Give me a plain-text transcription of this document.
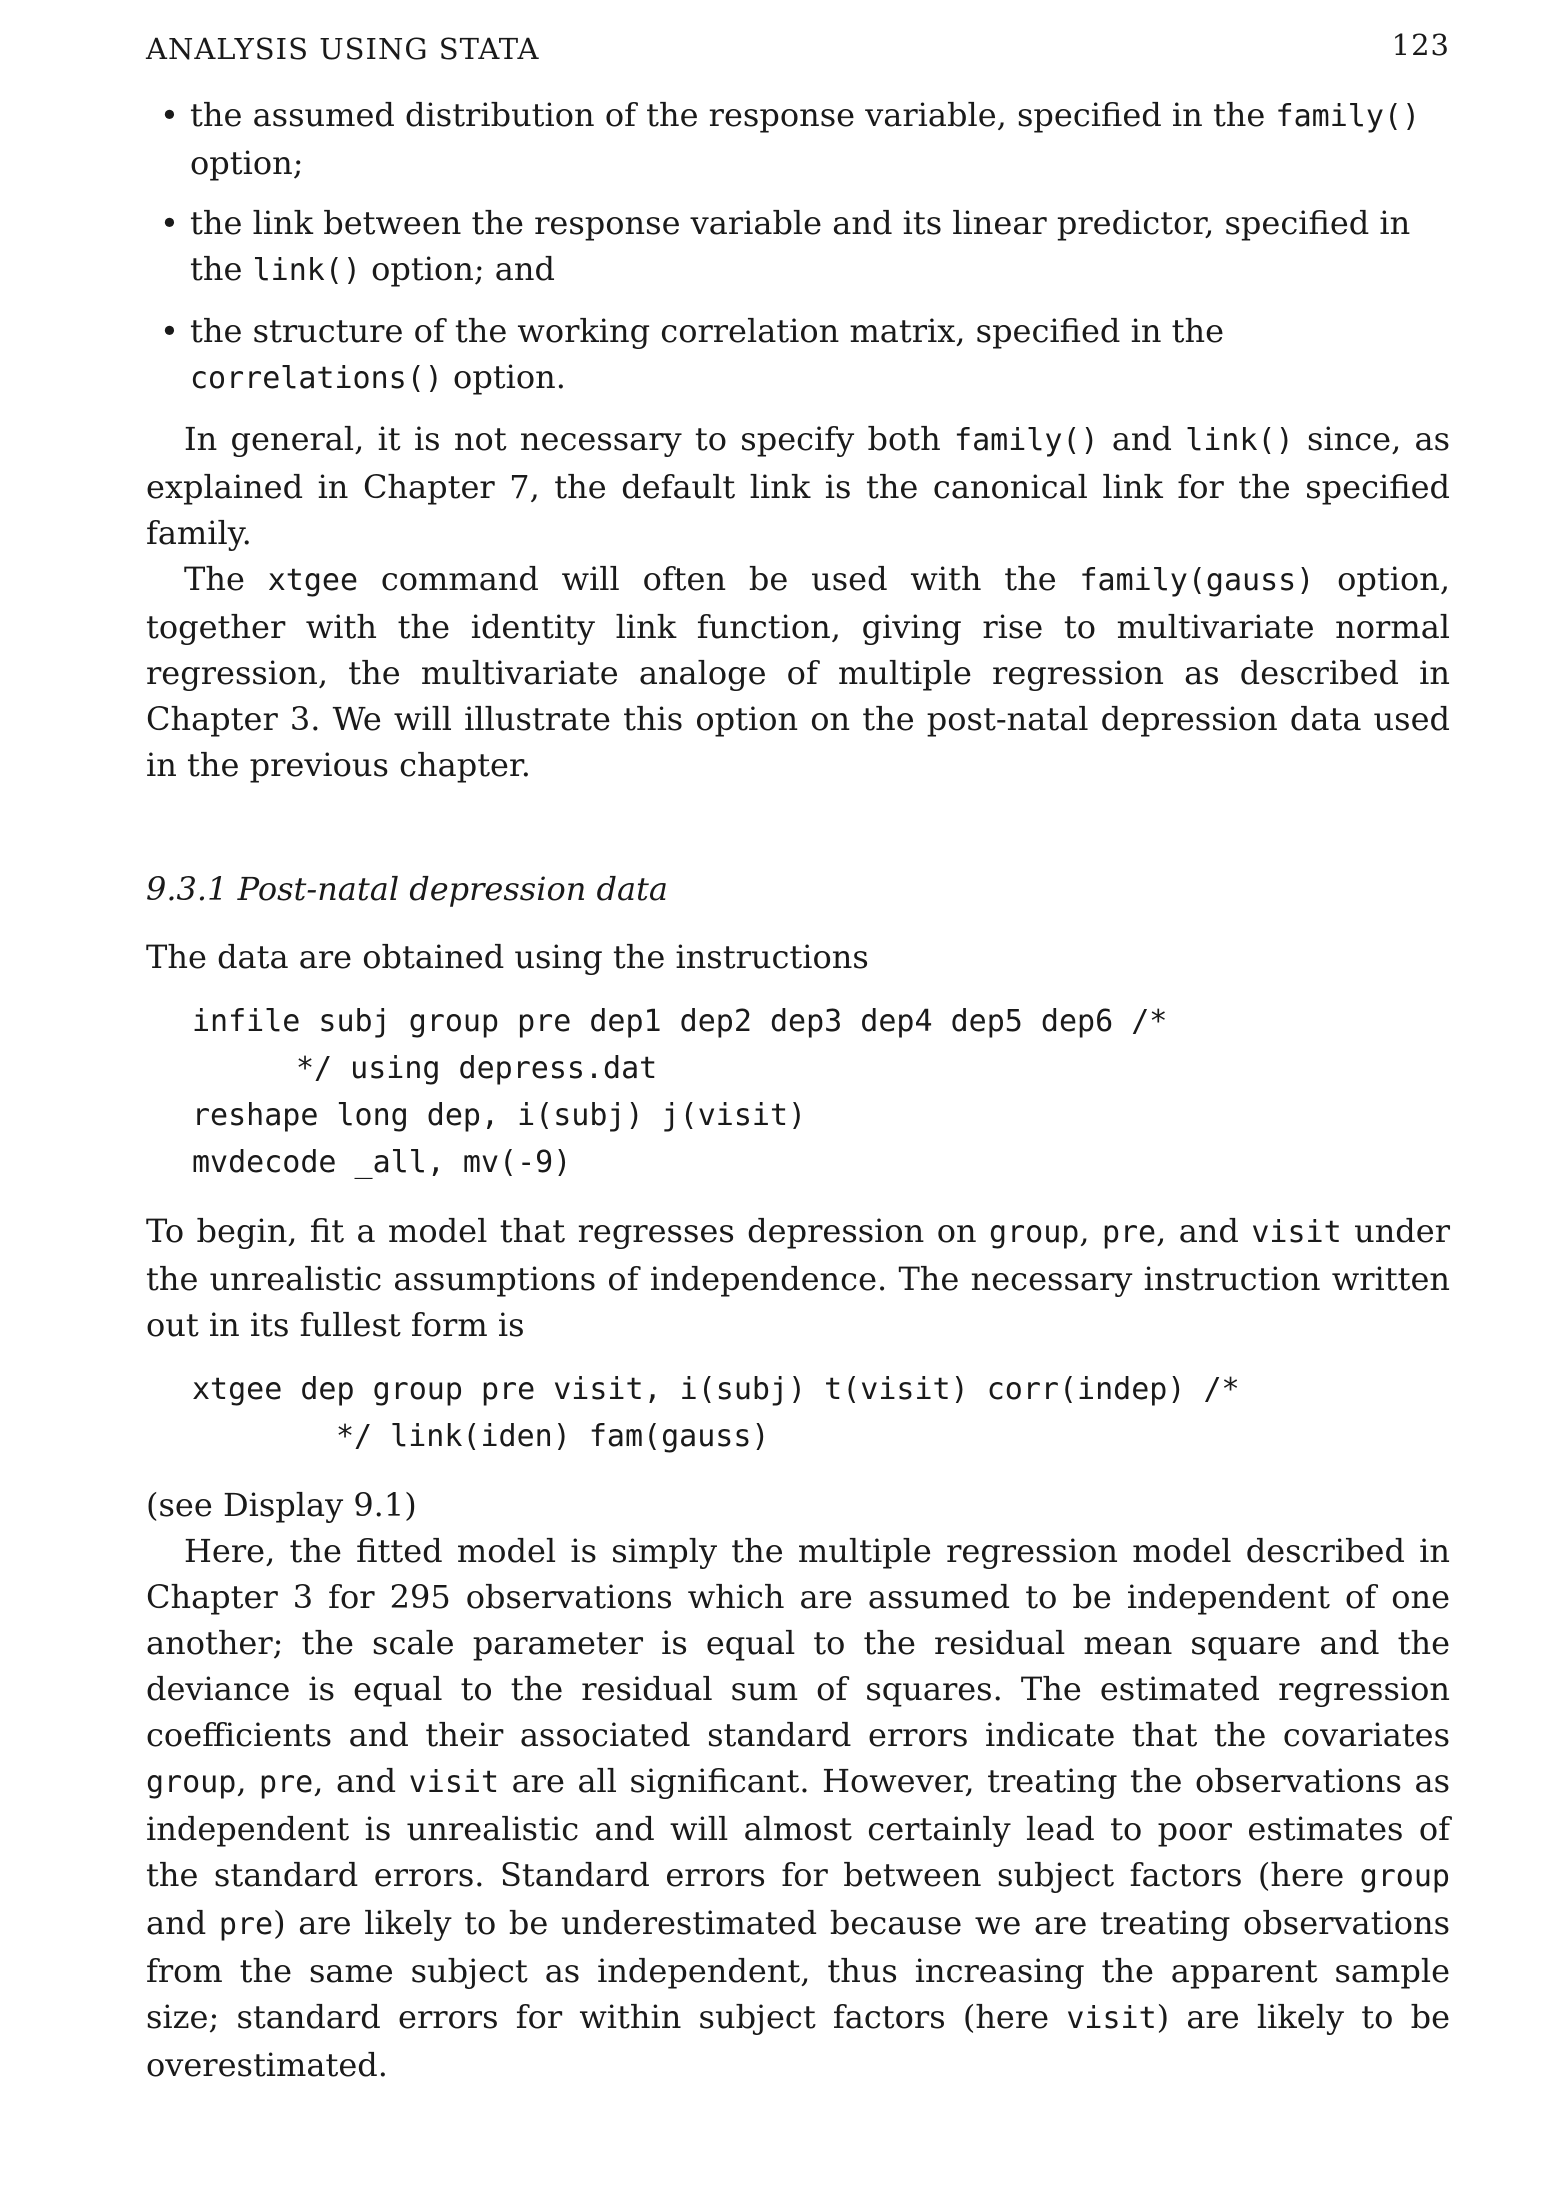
ANALYSIS USING STATA	123
• the assumed distribution of the response variable, specified in the family() option;
• the link between the response variable and its linear predictor, specified in the link() option; and
• the structure of the working correlation matrix, specified in the correlations() option.

In general, it is not necessary to specify both family() and link() since, as explained in Chapter 7, the default link is the canonical link for the specified family.

The xtgee command will often be used with the family(gauss) option, together with the identity link function, giving rise to multivariate normal regression, the multivariate analoge of multiple regression as described in Chapter 3. We will illustrate this option on the post-natal depression data used in the previous chapter.

9.3.1 Post-natal depression data

The data are obtained using the instructions

infile subj group pre dep1 dep2 dep3 dep4 dep5 dep6 /*
*/ using depress.dat
reshape long dep, i(subj) j(visit)
mvdecode _all, mv(-9)

To begin, fit a model that regresses depression on group, pre, and visit under the unrealistic assumptions of independence. The necessary instruction written out in its fullest form is

xtgee dep group pre visit, i(subj) t(visit) corr(indep) /*
*/ link(iden) fam(gauss)

(see Display 9.1)

Here, the fitted model is simply the multiple regression model described in Chapter 3 for 295 observations which are assumed to be independent of one another; the scale parameter is equal to the residual mean square and the deviance is equal to the residual sum of squares. The estimated regression coefficients and their associated standard errors indicate that the covariates group, pre, and visit are all significant. However, treating the observations as independent is unrealistic and will almost certainly lead to poor estimates of the standard errors. Standard errors for between subject factors (here group and pre) are likely to be underestimated because we are treating observations from the same subject as independent, thus increasing the apparent sample size; standard errors for within subject factors (here visit) are likely to be overestimated.
